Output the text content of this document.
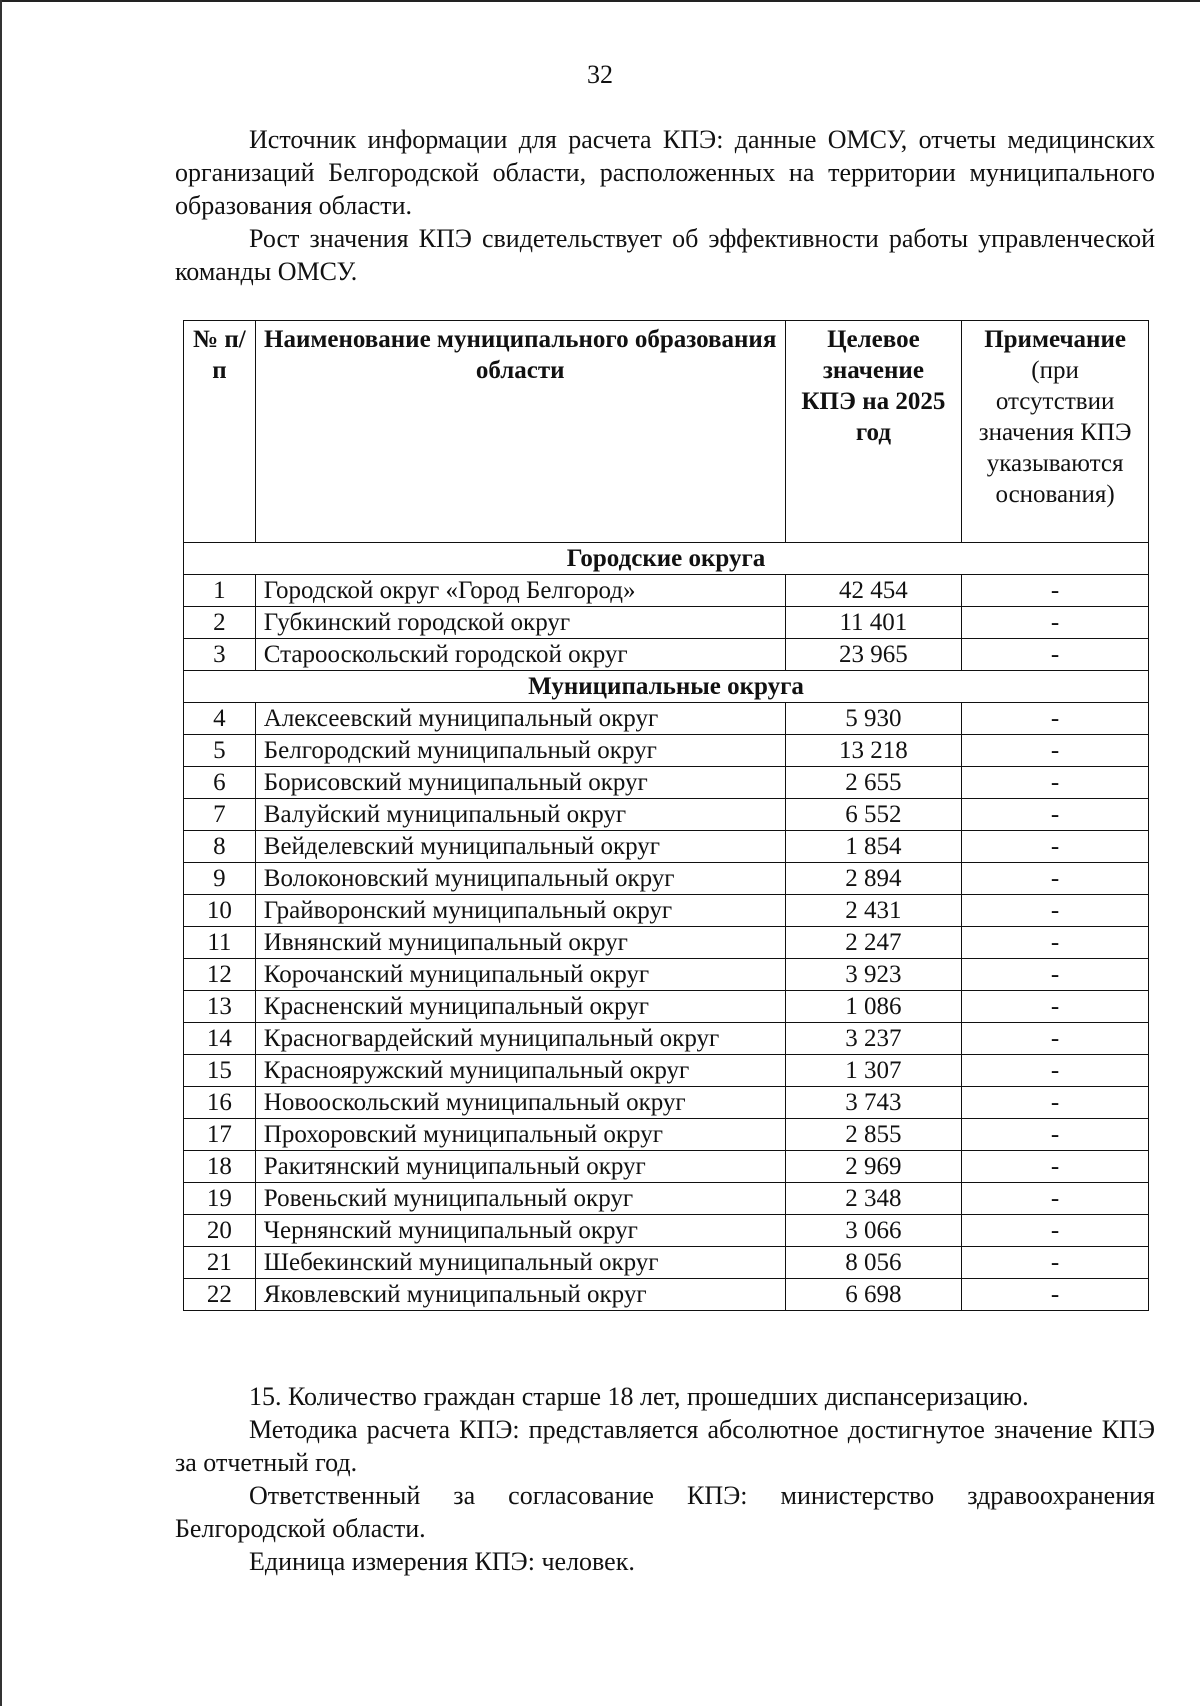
32
Источник информации для расчета КПЭ: данные ОМСУ, отчеты медицинских организаций Белгородской области, расположенных на территории муниципального образования области.
Рост значения КПЭ свидетельствует об эффективности работы управленческой команды ОМСУ.
№ п/п	Наименование муниципального образования области	Целевое значение КПЭ на 2025 год	Примечание (при отсутствии значения КПЭ указываются основания)
Городские округа			
1	Городской округ «Город Белгород»	42 454	-
2	Губкинский городской округ	11 401	-
3	Старооскольский городской округ	23 965	-
Муниципальные округа			
4	Алексеевский муниципальный округ	5 930	-
5	Белгородский муниципальный округ	13 218	-
6	Борисовский муниципальный округ	2 655	-
7	Валуйский муниципальный округ	6 552	-
8	Вейделевский муниципальный округ	1 854	-
9	Волоконовский муниципальный округ	2 894	-
10	Грайворонский муниципальный округ	2 431	-
11	Ивнянский муниципальный округ	2 247	-
12	Корочанский муниципальный округ	3 923	-
13	Красненский муниципальный округ	1 086	-
14	Красногвардейский муниципальный округ	3 237	-
15	Краснояружский муниципальный округ	1 307	-
16	Новооскольский муниципальный округ	3 743	-
17	Прохоровский муниципальный округ	2 855	-
18	Ракитянский муниципальный округ	2 969	-
19	Ровеньский муниципальный округ	2 348	-
20	Чернянский муниципальный округ	3 066	-
21	Шебекинский муниципальный округ	8 056	-
22	Яковлевский муниципальный округ	6 698	-
15. Количество граждан старше 18 лет, прошедших диспансеризацию.
Методика расчета КПЭ: представляется абсолютное достигнутое значение КПЭ за отчетный год.
Ответственный за согласование КПЭ: министерство здравоохранения Белгородской области.
Единица измерения КПЭ: человек.
